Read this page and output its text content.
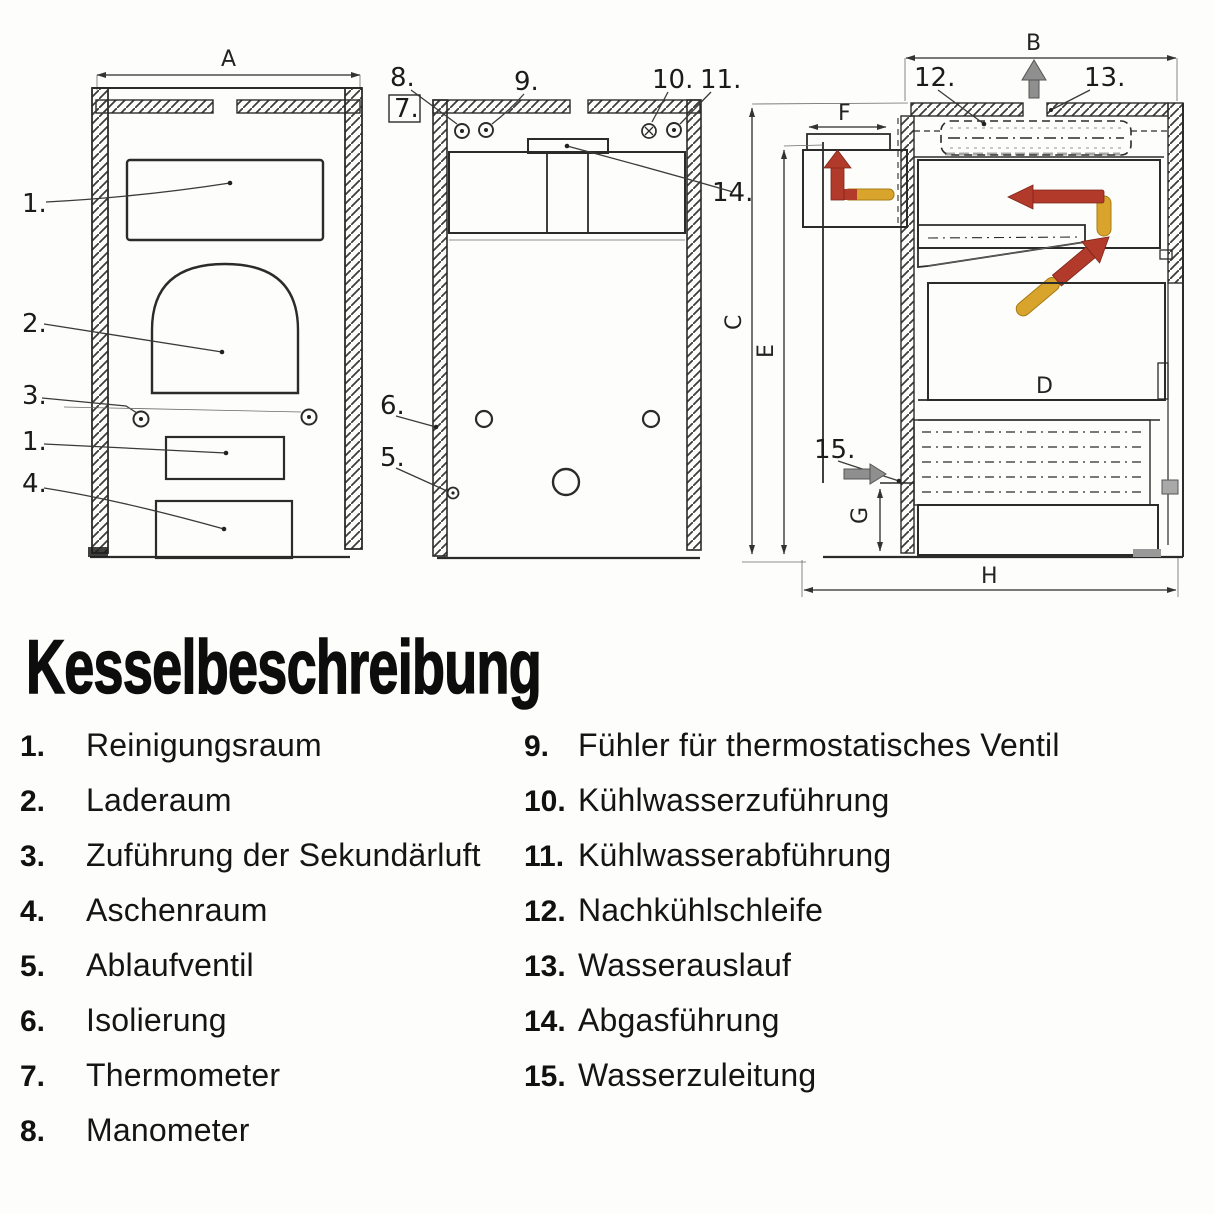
A
1.
2.
3.
1.
4.
8.
7.
9.	10. 11.
14.
6.
5.
B
D
F
C
E
G
H
12.	13.
15.
Kesselbeschreibung
1.	Reinigungsraum
2.	Laderaum
3.	Zuführung der Sekundärluft
4.	Aschenraum
5.	Ablaufventil
6.	Isolierung
7.	Thermometer
8.	Manometer
9. Fühler für thermostatisches Ventil
10. Kühlwasserzuführung
11. Kühlwasserabführung
12. Nachkühlschleife
13. Wasserauslauf
14. Abgasführung
15. Wasserzuleitung
